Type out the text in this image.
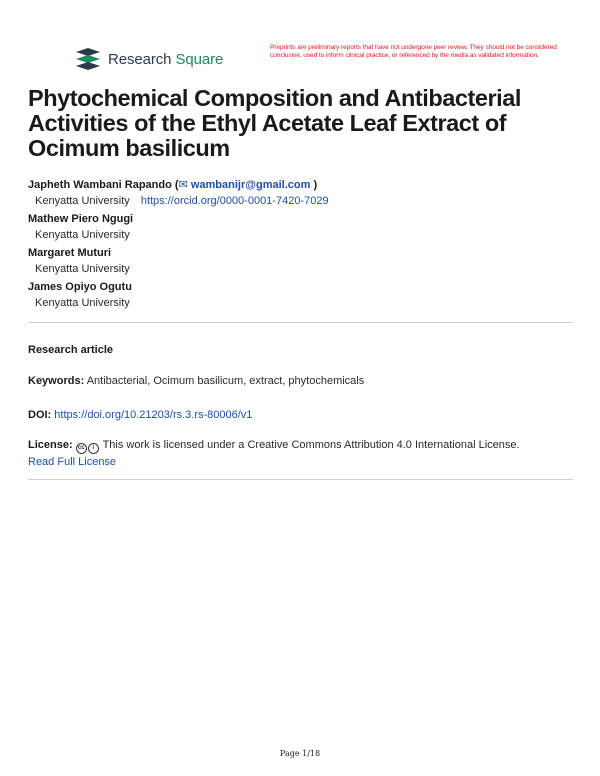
Research Square
Preprints are preliminary reports that have not undergone peer review. They should not be considered conclusive, used to inform clinical practice, or referenced by the media as validated information.
Phytochemical Composition and Antibacterial Activities of the Ethyl Acetate Leaf Extract of Ocimum basilicum
Japheth Wambani Rapando (✉ wambanijr@gmail.com )
Kenyatta University https://orcid.org/0000-0001-7420-7029
Mathew Piero Ngugi
Kenyatta University
Margaret Muturi
Kenyatta University
James Opiyo Ogutu
Kenyatta University
Research article
Keywords: Antibacterial, Ocimum basilicum, extract, phytochemicals
DOI: https://doi.org/10.21203/rs.3.rs-80006/v1
License: cc i This work is licensed under a Creative Commons Attribution 4.0 International License.
Read Full License
Page 1/18
